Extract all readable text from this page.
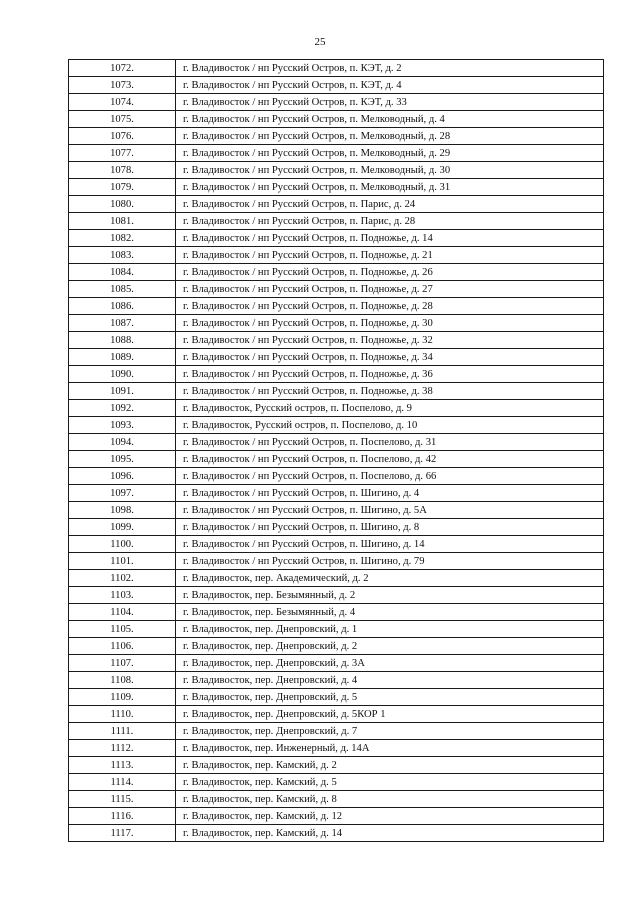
25
1072.	г. Владивосток / нп Русский Остров, п. КЭТ, д. 2
1073.	г. Владивосток / нп Русский Остров, п. КЭТ, д. 4
1074.	г. Владивосток / нп Русский Остров, п. КЭТ, д. 33
1075.	г. Владивосток / нп Русский Остров, п. Мелководный, д. 4
1076.	г. Владивосток / нп Русский Остров, п. Мелководный, д. 28
1077.	г. Владивосток / нп Русский Остров, п. Мелководный, д. 29
1078.	г. Владивосток / нп Русский Остров, п. Мелководный, д. 30
1079.	г. Владивосток / нп Русский Остров, п. Мелководный, д. 31
1080.	г. Владивосток / нп Русский Остров, п. Парис, д. 24
1081.	г. Владивосток / нп Русский Остров, п. Парис, д. 28
1082.	г. Владивосток / нп Русский Остров, п. Подножье, д. 14
1083.	г. Владивосток / нп Русский Остров, п. Подножье, д. 21
1084.	г. Владивосток / нп Русский Остров, п. Подножье, д. 26
1085.	г. Владивосток / нп Русский Остров, п. Подножье, д. 27
1086.	г. Владивосток / нп Русский Остров, п. Подножье, д. 28
1087.	г. Владивосток / нп Русский Остров, п. Подножье, д. 30
1088.	г. Владивосток / нп Русский Остров, п. Подножье, д. 32
1089.	г. Владивосток / нп Русский Остров, п. Подножье, д. 34
1090.	г. Владивосток / нп Русский Остров, п. Подножье, д. 36
1091.	г. Владивосток / нп Русский Остров, п. Подножье, д. 38
1092.	г. Владивосток, Русский остров, п. Поспелово, д. 9
1093.	г. Владивосток, Русский остров, п. Поспелово, д. 10
1094.	г. Владивосток / нп Русский Остров, п. Поспелово, д. 31
1095.	г. Владивосток / нп Русский Остров, п. Поспелово, д. 42
1096.	г. Владивосток / нп Русский Остров, п. Поспелово, д. 66
1097.	г. Владивосток / нп Русский Остров, п. Шигино, д. 4
1098.	г. Владивосток / нп Русский Остров, п. Шигино, д. 5А
1099.	г. Владивосток / нп Русский Остров, п. Шигино, д. 8
1100.	г. Владивосток / нп Русский Остров, п. Шигино, д. 14
1101.	г. Владивосток / нп Русский Остров, п. Шигино, д. 79
1102.	г. Владивосток, пер. Академический, д. 2
1103.	г. Владивосток, пер. Безымянный, д. 2
1104.	г. Владивосток, пер. Безымянный, д. 4
1105.	г. Владивосток, пер. Днепровский, д. 1
1106.	г. Владивосток, пер. Днепровский, д. 2
1107.	г. Владивосток, пер. Днепровский, д. 3А
1108.	г. Владивосток, пер. Днепровский, д. 4
1109.	г. Владивосток, пер. Днепровский, д. 5
1110.	г. Владивосток, пер. Днепровский, д. 5КОР 1
1111.	г. Владивосток, пер. Днепровский, д. 7
1112.	г. Владивосток, пер. Инженерный, д. 14А
1113.	г. Владивосток, пер. Камский, д. 2
1114.	г. Владивосток, пер. Камский, д. 5
1115.	г. Владивосток, пер. Камский, д. 8
1116.	г. Владивосток, пер. Камский, д. 12
1117.	г. Владивосток, пер. Камский, д. 14
